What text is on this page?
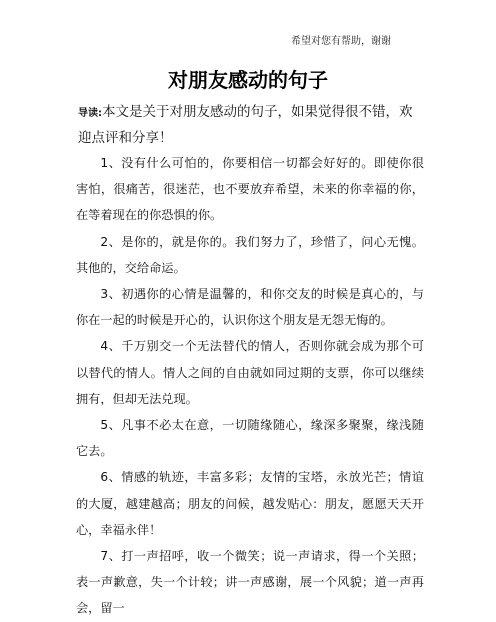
希望对您有帮助，谢谢
对朋友感动的句子
导读:本文是关于对朋友感动的句子，如果觉得很不错，欢迎点评和分享！

1、没有什么可怕的，你要相信一切都会好好的。即使你很害怕，很痛苦，很迷茫，也不要放弃希望，未来的你幸福的你，在等着现在的你恐惧的你。

2、是你的，就是你的。我们努力了，珍惜了，问心无愧。其他的，交给命运。

3、初遇你的心情是温馨的，和你交友的时候是真心的，与你在一起的时候是开心的，认识你这个朋友是无怨无悔的。

4、千万别交一个无法替代的情人，否则你就会成为那个可以替代的情人。情人之间的自由就如同过期的支票，你可以继续拥有，但却无法兑现。

5、凡事不必太在意，一切随缘随心，缘深多聚聚，缘浅随它去。

6、情感的轨迹，丰富多彩；友情的宝塔，永放光芒；情谊的大厦，越建越高；朋友的问候，越发贴心：朋友，愿愿天天开心，幸福永伴！

7、打一声招呼，收一个微笑；说一声请求，得一个关照；表一声歉意，失一个计较；讲一声感谢，展一个风貌；道一声再会，留一
